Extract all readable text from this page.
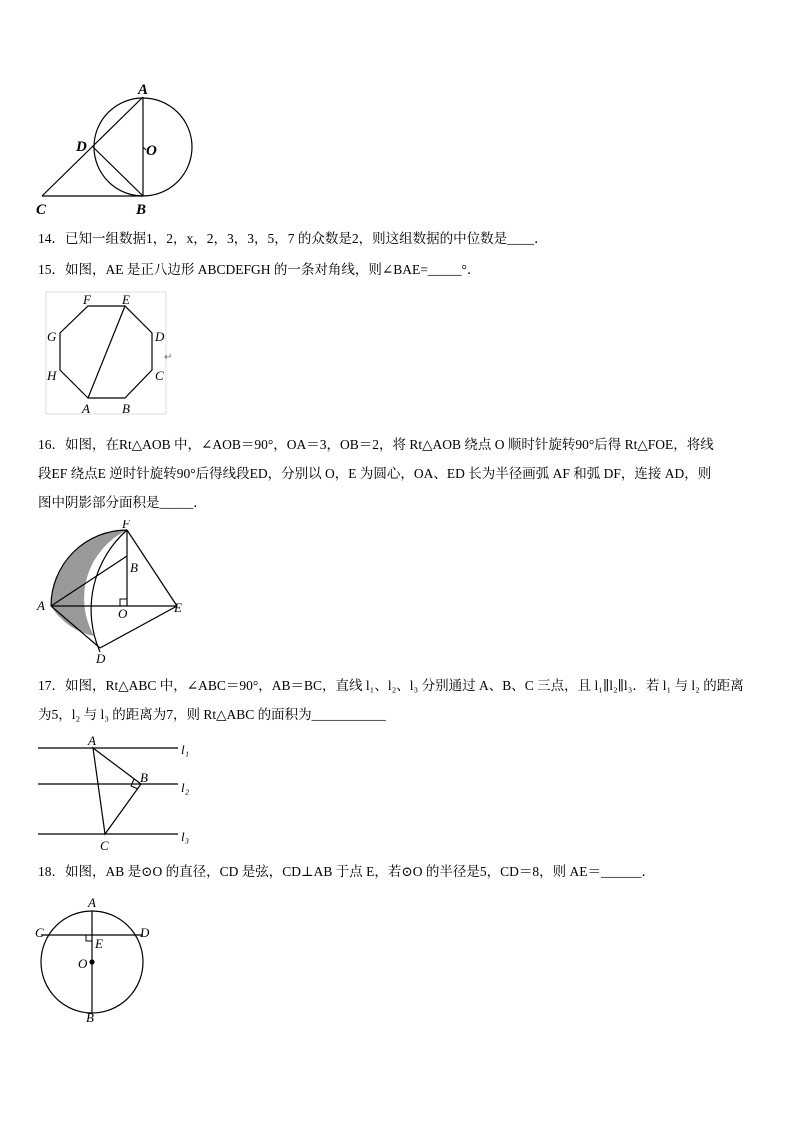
A
D	O
C	B

14．已知一组数据1，2，x，2，3，3，5，7 的众数是2，则这组数据的中位数是____．

15．如图，AE 是正八边形 ABCDEFGH 的一条对角线，则∠BAE=_____°．

F E
G	D
H	C
A B
↵

16．如图，在Rt△AOB 中，∠AOB＝90°，OA＝3，OB＝2，将 Rt△AOB 绕点 O 顺时针旋转90°后得 Rt△FOE，将线

段EF 绕点E 逆时针旋转90°后得线段ED，分别以 O，E 为圆心，OA、ED 长为半径画弧 AF 和弧 DF，连接 AD，则

图中阴影部分面积是_____．

F
B
A
O	E
D

17．如图，Rt△ABC 中，∠ABC＝90°，AB＝BC，直线 l₁、l₂、l₃ 分别通过 A、B、C 三点，且 l₁∥l₂∥l₃．若 l₁ 与 l₂ 的距离

为5，l₂ 与 l₃ 的距离为7，则 Rt△ABC 的面积为___________

A
B
C
l₁
l₂
l₃

18．如图，AB 是⊙O 的直径，CD 是弦，CD⊥AB 于点 E，若⊙O 的半径是5，CD＝8，则 AE＝______．

A
C	D
E
O
B
